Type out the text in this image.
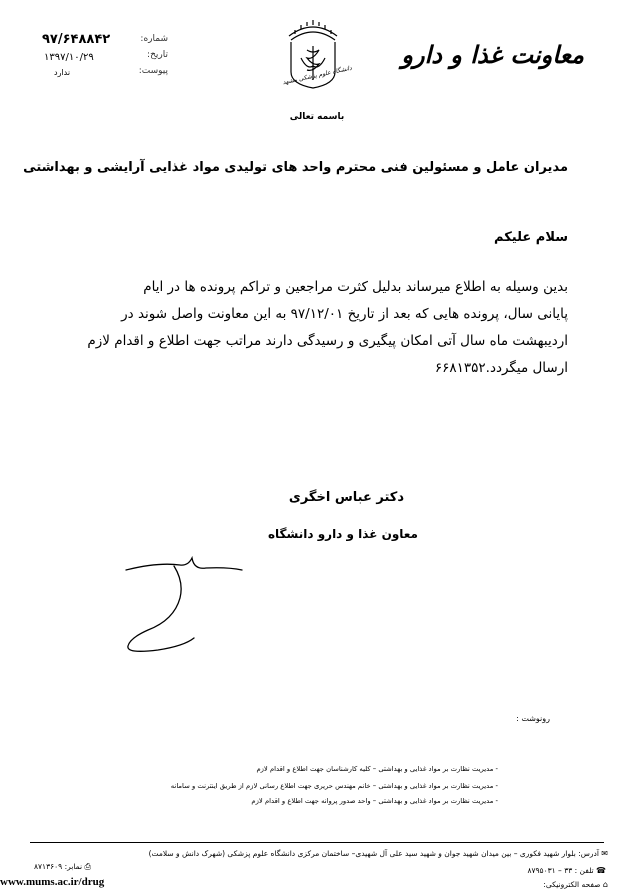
۹۷/۶۴۸۸۴۲	شماره:
۱۳۹۷/۱۰/۲۹	تاریخ:
ندارد	پیوست:	دانشگاه علوم پزشکی مشهد
معاونت غذا و دارو
باسمه تعالی
مدیران عامل و مسئولین فنی محترم واحد های تولیدی مواد غذایی آرایشی و بهداشتی
سلام علیکم
بدین وسیله به اطلاع میرساند بدلیل کثرت مراجعین و تراکم پرونده ها در ایام
پایانی سال، پرونده هایی که بعد از تاریخ ۹۷/۱۲/۰۱ به این معاونت واصل شوند در
اردیبهشت ماه سال آتی امکان پیگیری و رسیدگی دارند مراتب جهت اطلاع و اقدام لازم
ارسال میگردد.۶۶۸۱۳۵۲
دکتر عباس اخگری
معاون غذا و دارو دانشگاه
رونوشت :
- مدیریت نظارت بر مواد غذایی و بهداشتی – کلیه کارشناسان جهت اطلاع و اقدام لازم
- مدیریت نظارت بر مواد غذایی و بهداشتی – خانم مهندس حریری جهت اطلاع رسانی لازم از طریق اینترنت و سامانه
- مدیریت نظارت بر مواد غذایی و بهداشتی – واحد صدور پروانه جهت اطلاع و اقدام لازم
✉ آدرس: بلوار شهید فکوری – بین میدان شهید جوان و شهید سید علی آل شهیدی– ساختمان مرکزی دانشگاه علوم پزشکی (شهرک دانش و سلامت)
☎ تلفن : ۳۳ – ۸۷۹۵۰۳۱
⎙ نمابر: ۸۷۱۳۶۰۹
⌂ صفحه الکترونیکی:
www.mums.ac.ir/drug
